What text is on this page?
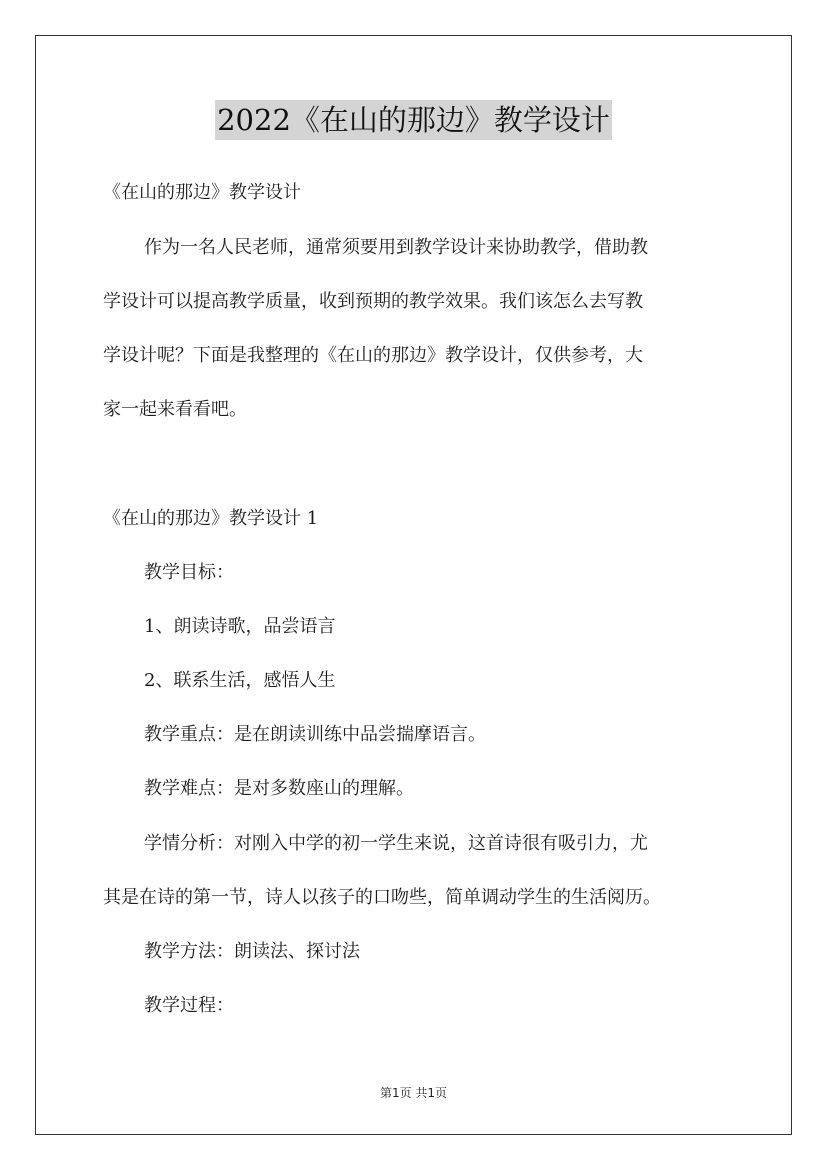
2022《在山的那边》教学设计
《在山的那边》教学设计
作为一名人民老师，通常须要用到教学设计来协助教学，借助教
学设计可以提高教学质量，收到预期的教学效果。我们该怎么去写教
学设计呢？下面是我整理的《在山的那边》教学设计，仅供参考，大
家一起来看看吧。
《在山的那边》教学设计 1
教学目标：
1、朗读诗歌，品尝语言
2、联系生活，感悟人生
教学重点：是在朗读训练中品尝揣摩语言。
教学难点：是对多数座山的理解。
学情分析：对刚入中学的初一学生来说，这首诗很有吸引力，尤
其是在诗的第一节，诗人以孩子的口吻些，简单调动学生的生活阅历。
教学方法：朗读法、探讨法
教学过程：
第1页 共1页
